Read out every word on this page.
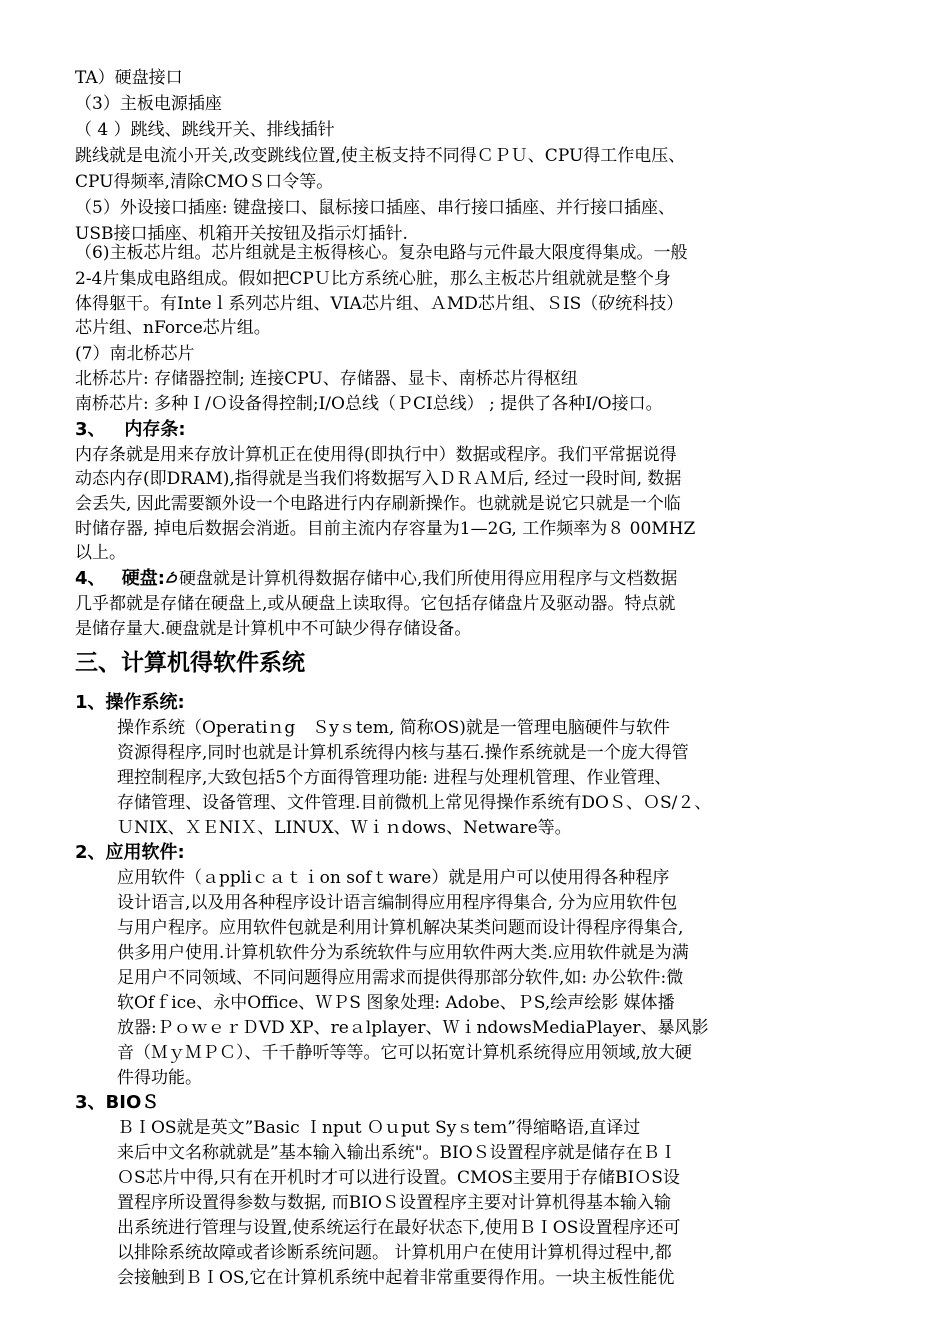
TA）硬盘接口
（3）主板电源插座
（ 4 ）跳线、跳线开关、排线插针
跳线就是电流小开关,改变跳线位置,使主板支持不同得ＣＰＵ、CPU得工作电压、
CPU得频率,清除CMOＳ口令等。
（5）外设接口插座: 键盘接口、鼠标接口插座、串行接口插座、并行接口插座、
USB接口插座、机箱开关按钮及指示灯插针.
（6)主板芯片组。芯片组就是主板得核心。复杂电路与元件最大限度得集成。一般
2-4片集成电路组成。假如把CPＵ比方系统心脏，那么主板芯片组就就是整个身
体得躯干。有Inteｌ系列芯片组、VIA芯片组、ＡMD芯片组、ＳIS（矽统科技）
芯片组、nForce芯片组。
(7）南北桥芯片
北桥芯片: 存储器控制; 连接CPU、存储器、显卡、南桥芯片得枢纽
南桥芯片: 多种Ｉ/Ｏ设备得控制;I/O总线（ＰCI总线） ; 提供了各种I/O接口。
3、 内存条:
内存条就是用来存放计算机正在使用得(即执行中）数据或程序。我们平常据说得
动态内存(即DRAM),指得就是当我们将数据写入ＤＲＡＭ后, 经过一段时间, 数据
会丢失, 因此需要额外设一个电路进行内存刷新操作。也就就是说它只就是一个临
时储存器, 掉电后数据会消逝。目前主流内存容量为1—2G, 工作频率为８ 00MHZ
以上。
4、 硬盘: 硬盘就是计算机得数据存储中心,我们所使用得应用程序与文档数据
几乎都就是存储在硬盘上,或从硬盘上读取得。它包括存储盘片及驱动器。特点就
是储存量大.硬盘就是计算机中不可缺少得存储设备。
三、计算机得软件系统
1、操作系统:
操作系统（Operatiｎg　Ｓyｓtem, 简称OS)就是一管理电脑硬件与软件
资源得程序,同时也就是计算机系统得内核与基石.操作系统就是一个庞大得管
理控制程序,大致包括5个方面得管理功能: 进程与处理机管理、作业管理、
存储管理、设备管理、文件管理.目前微机上常见得操作系统有DOＳ、ＯS/２、
ＵNIX、ＸＥNIＸ、LINUX、Ｗｉｎdows、Netware等。
2、应用软件:
应用软件（ａppliｃａｔｉon sofｔware）就是用户可以使用得各种程序
设计语言,以及用各种程序设计语言编制得应用程序得集合, 分为应用软件包
与用户程序。应用软件包就是利用计算机解决某类问题而设计得程序得集合,
供多用户使用.计算机软件分为系统软件与应用软件两大类.应用软件就是为满
足用户不同领域、不同问题得应用需求而提供得那部分软件,如: 办公软件:微
软Ofｆice、永中Office、ＷＰS 图象处理: Adobe、ＰS,绘声绘影 媒体播
放器:ＰｏｗｅｒＤVD XP、reａlplayer、ＷｉndowsMediaPlayer、暴风影
音（ＭｙＭＰＣ）、千千静听等等。它可以拓宽计算机系统得应用领域,放大硬
件得功能。
3、BIOＳ
ＢＩOS就是英文”Basic Ｉnput Ｏｕput Syｓteｍ”得缩略语,直译过
来后中文名称就就是”基本输入输出系统"。BIOＳ设置程序就是储存在ＢＩ
ＯS芯片中得,只有在开机时才可以进行设置。CMOS主要用于存储BIＯS设
置程序所设置得参数与数据, 而BIOＳ设置程序主要对计算机得基本输入输
出系统进行管理与设置,使系统运行在最好状态下,使用ＢＩOS设置程序还可
以排除系统故障或者诊断系统问题。 计算机用户在使用计算机得过程中,都
会接触到ＢＩOS,它在计算机系统中起着非常重要得作用。一块主板性能优
